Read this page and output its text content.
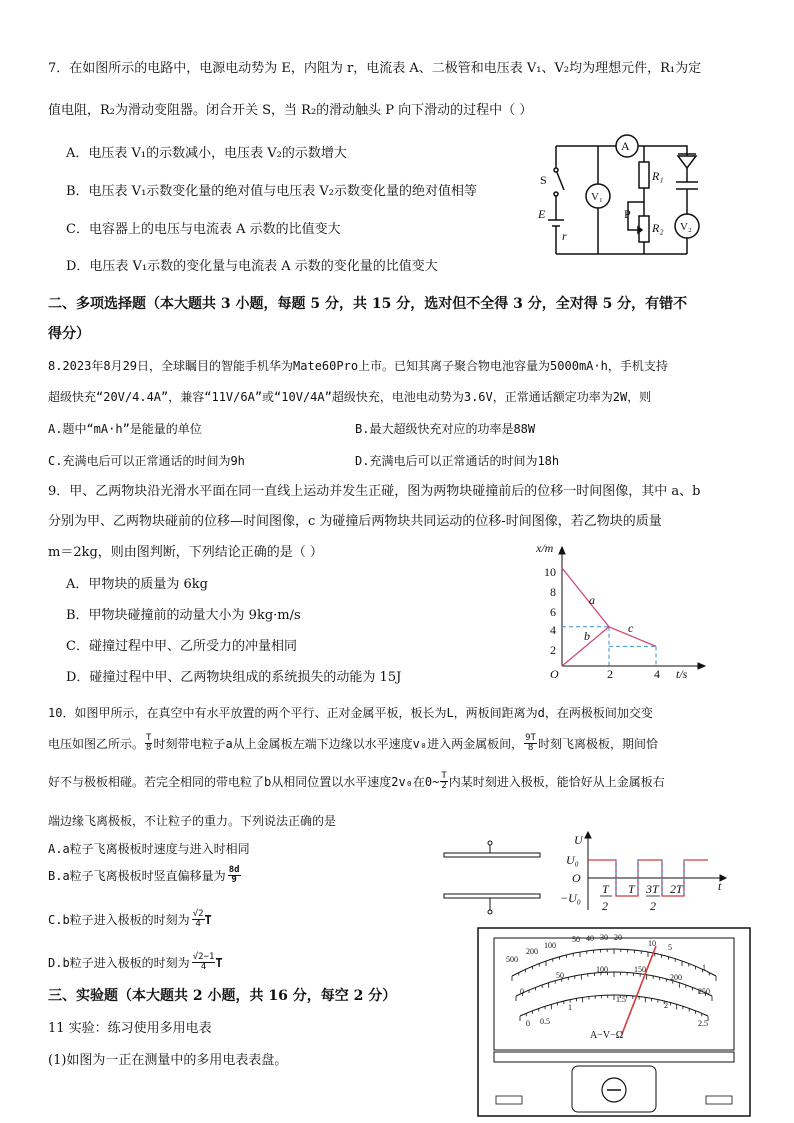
7．在如图所示的电路中，电源电动势为 E，内阻为 r，电流表 A、二极管和电压表 V₁、V₂均为理想元件，R₁为定
值电阻，R₂为滑动变阻器。闭合开关 S，当 R₂的滑动触头 P 向下滑动的过程中（ ）
A．电压表 V₁的示数减小，电压表 V₂的示数增大
B．电压表 V₁示数变化量的绝对值与电压表 V₂示数变化量的绝对值相等
C．电容器上的电压与电流表 A 示数的比值变大
D．电压表 V₁示数的变化量与电流表 A 示数的变化量的比值变大
A
V₁
V₂
R₁
R₂
S
E
r
P
二、多项选择题（本大题共 3 小题，每题 5 分，共 15 分，选对但不全得 3 分，全对得 5 分，有错不
得分）
8.2023年8月29日，全球瞩目的智能手机华为Mate60Pro上市。已知其离子聚合物电池容量为5000mA·h，手机支持
超级快充“20V/4.4A”，兼容“11V/6A”或“10V/4A”超级快充，电池电动势为3.6V，正常通话额定功率为2W，则
A.题中“mA·h”是能量的单位	B.最大超级快充对应的功率是88W
C.充满电后可以正常通话的时间为9h	D.充满电后可以正常通话的时间为18h
9．甲、乙两物块沿光滑水平面在同一直线上运动并发生正碰，图为两物块碰撞前后的位移一时间图像，其中 a、b
分别为甲、乙两物块碰前的位移—时间图像，c 为碰撞后两物块共同运动的位移-时间图像，若乙物块的质量
m＝2kg，则由图判断，下列结论正确的是（ ）
A．甲物块的质量为 6kg
B．甲物块碰撞前的动量大小为 9kg·m/s
C．碰撞过程中甲、乙所受力的冲量相同
D．碰撞过程中甲、乙两物块组成的系统损失的动能为 15J
x/m
t/s
O
10
8
6
4
2
2	4
a
b
c
10．如图甲所示，在真空中有水平放置的两个平行、正对金属平板，板长为L，两板间距离为d，在两极板间加交变
电压如图乙所示。 $\frac{T}{8}$ 时刻带电粒子a从上金属板左端下边缘以水平速度v₀进入两金属板间， $\frac{9T}{8}$ 时刻飞离极板，期间恰
好不与极板相碰。若完全相同的带电粒了b从相同位置以水平速度2v₀在0~ $\frac{T}{2}$ 内某时刻进入极板，能恰好从上金属板右
端边缘飞离极板，不让粒子的重力。下列说法正确的是
A.a粒子飞离极板时速度与进入时相同
B.a粒子飞离极板时竖直偏移量为 $\frac{8d}{9}$
C.b粒子进入极板的时刻为 $\frac{√2}{4}$ T
D.b粒子进入极板的时刻为 $\frac{√2-1}{4}$ T
U
U₀
O
−U₀
t
T
2
T 3T
2
2T
三、实验题（本大题共 2 小题，共 16 分，每空 2 分）
11 实验：练习使用多用电表
(1)如图为一正在测量中的多用电表表盘。
500
200
100
50 40 30 20
10 5
1
0
50
100	150
200
250
0 0.5
1
1.5
2
2.5
A−V−Ω
